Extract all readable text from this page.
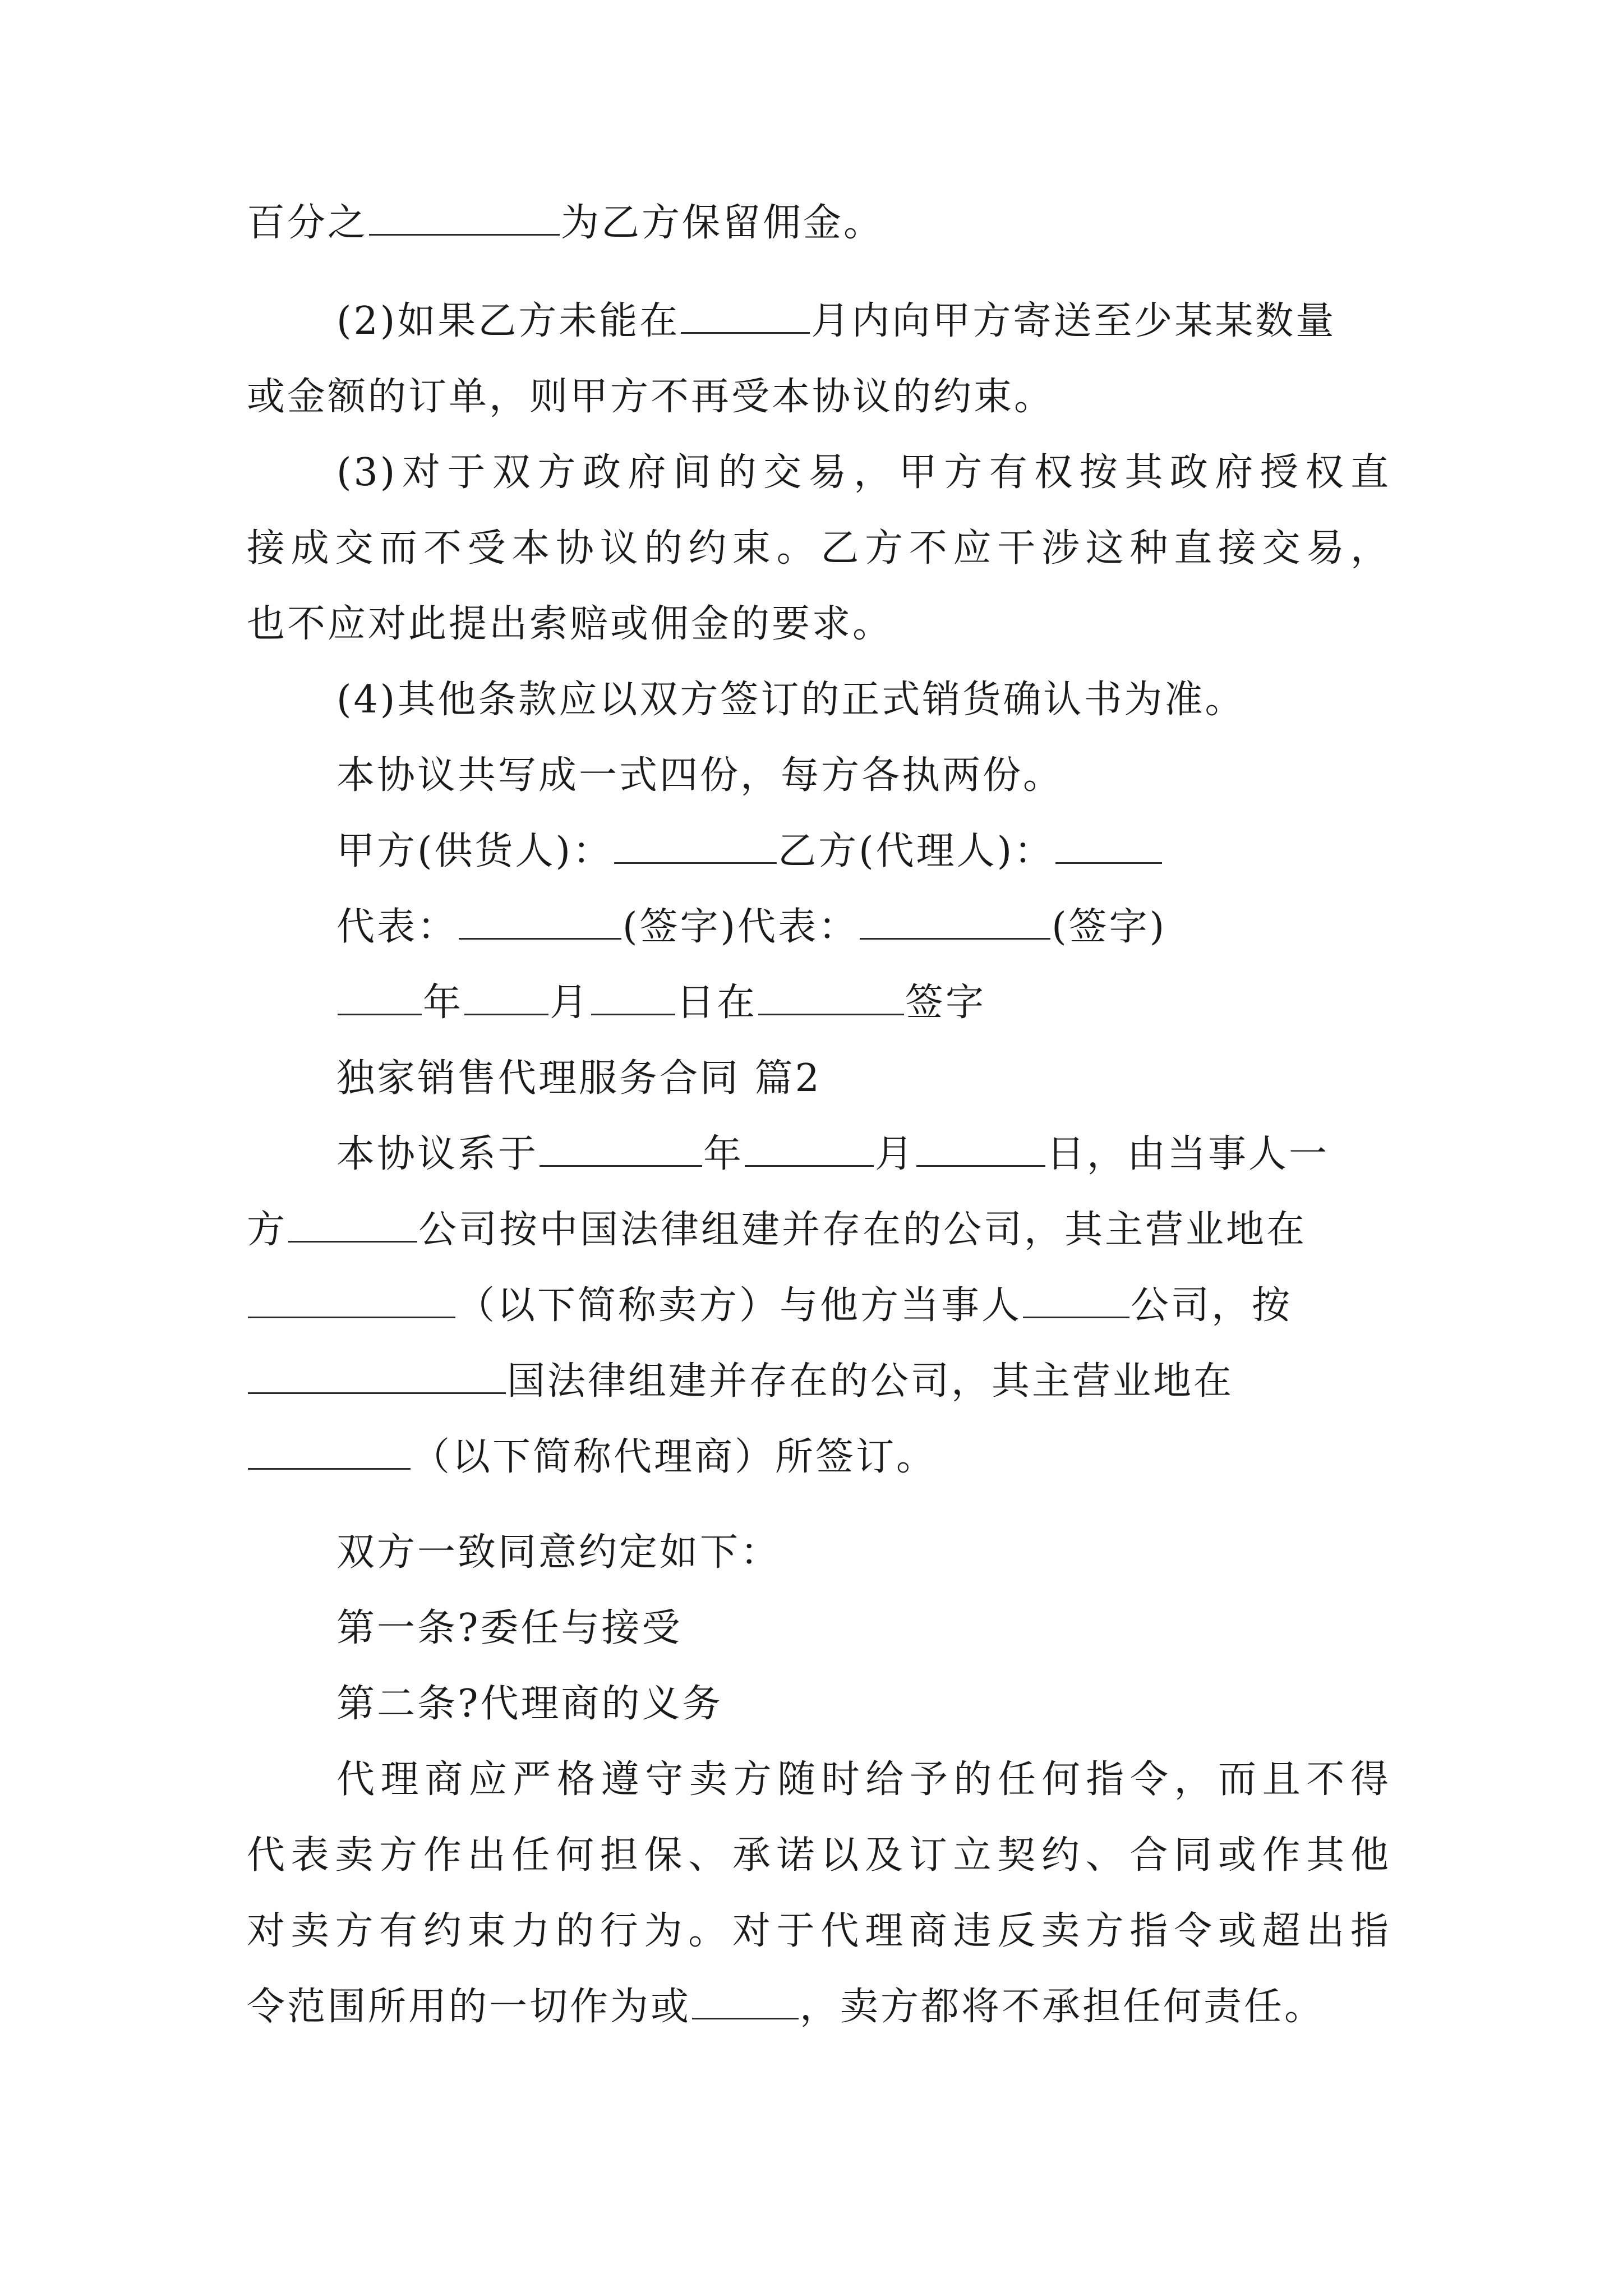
百分之	为乙方保留佣金。
(2)如果乙方未能在	月内向甲方寄送至少某某数量
或金额的订单，则甲方不再受本协议的约束。
(3)对于双方政府间的交易，甲方有权按其政府授权直
接成交而不受本协议的约束。乙方不应干涉这种直接交易，
也不应对此提出索赔或佣金的要求。
(4)其他条款应以双方签订的正式销货确认书为准。
本协议共写成一式四份，每方各执两份。
甲方(供货人)：	乙方(代理人)：
代表：	(签字)代表：	(签字)
年 月 日在	签字
独家销售代理服务合同 篇2
本协议系于	年	月	日，由当事人一
方	公司按中国法律组建并存在的公司，其主营业地在
（以下简称卖方）与他方当事人	公司，按
国法律组建并存在的公司，其主营业地在
（以下简称代理商）所签订。
双方一致同意约定如下：
第一条?委任与接受
第二条?代理商的义务
代理商应严格遵守卖方随时给予的任何指令，而且不得
代表卖方作出任何担保、承诺以及订立契约、合同或作其他
对卖方有约束力的行为。对于代理商违反卖方指令或超出指
令范围所用的一切作为或	，卖方都将不承担任何责任。
